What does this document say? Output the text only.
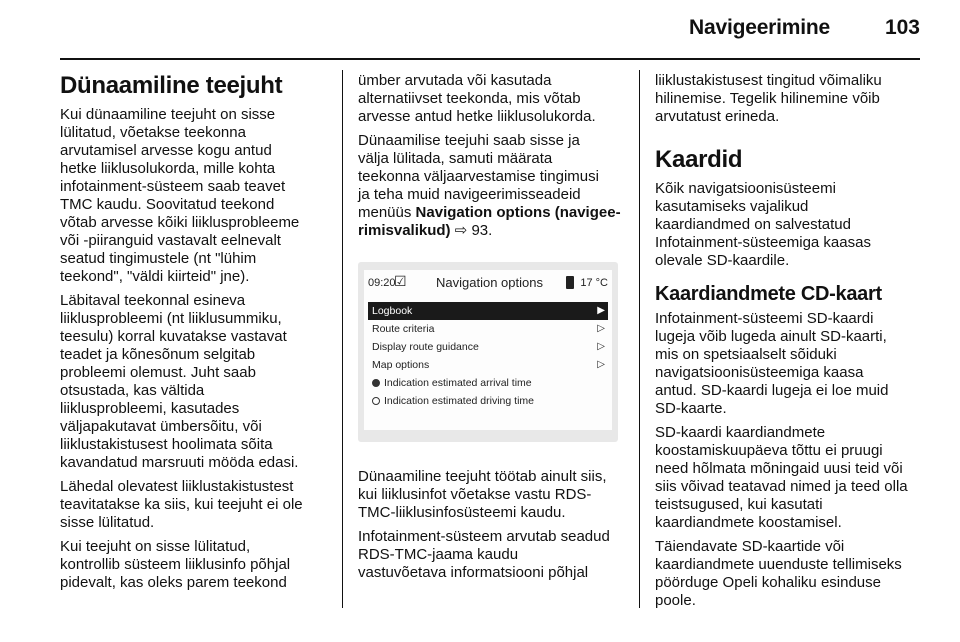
Navigeerimine	103
Dünaamiline teejuht

Kui dünaamiline teejuht on sisse
lülitatud, võetakse teekonna
arvutamisel arvesse kogu antud
hetke liiklusolukorda, mille kohta
infotainment-süsteem saab teavet
TMC kaudu. Soovitatud teekond
võtab arvesse kõiki liiklusprobleeme
või -piiranguid vastavalt eelnevalt
seatud tingimustele (nt "lühim
teekond", "väldi kiirteid" jne).

Läbitaval teekonnal esineva
liiklusprobleemi (nt liiklusummiku,
teesulu) korral kuvatakse vastavat
teadet ja kõnesõnum selgitab
probleemi olemust. Juht saab
otsustada, kas vältida
liiklusprobleemi, kasutades
väljapakutavat ümbersõitu, või
liiklustakistusest hoolimata sõita
kavandatud marsruuti mööda edasi.

Lähedal olevatest liiklustakistustest
teavitatakse ka siis, kui teejuht ei ole
sisse lülitatud.

Kui teejuht on sisse lülitatud,
kontrollib süsteem liiklusinfo põhjal
pidevalt, kas oleks parem teekond

ümber arvutada või kasutada
alternatiivset teekonda, mis võtab
arvesse antud hetke liiklusolukorda.

Dünaamilise teejuhi saab sisse ja
välja lülitada, samuti määrata
teekonna väljaarvestamise tingimusi
ja teha muid navigeerimisseadeid
menüüs Navigation options (navigee-
rimisvalikud) ⇨ 93.

09:20
☑ Navigation options	17 °C
Logbook	▶
Route criteria	▷
Display route guidance	▷
Map options	▷
Indication estimated arrival time
Indication estimated driving time

Dünaamiline teejuht töötab ainult siis,
kui liiklusinfot võetakse vastu RDS-
TMC-liiklusinfosüsteemi kaudu.

Infotainment-süsteem arvutab seadud
RDS-TMC-jaama kaudu
vastuvõetava informatsiooni põhjal

liiklustakistusest tingitud võimaliku
hilinemise. Tegelik hilinemine võib
arvutatust erineda.

Kaardid

Kõik navigatsioonisüsteemi
kasutamiseks vajalikud
kaardiandmed on salvestatud
Infotainment-süsteemiga kaasas
olevale SD-kaardile.

Kaardiandmete CD-kaart

Infotainment-süsteemi SD-kaardi
lugeja võib lugeda ainult SD-kaarti,
mis on spetsiaalselt sõiduki
navigatsioonisüsteemiga kaasa
antud. SD-kaardi lugeja ei loe muid
SD-kaarte.

SD-kaardi kaardiandmete
koostamiskuupäeva tõttu ei pruugi
need hõlmata mõningaid uusi teid või
siis võivad teatavad nimed ja teed olla
teistsugused, kui kasutati
kaardiandmete koostamisel.

Täiendavate SD-kaartide või
kaardiandmete uuenduste tellimiseks
pöörduge Opeli kohaliku esinduse
poole.
